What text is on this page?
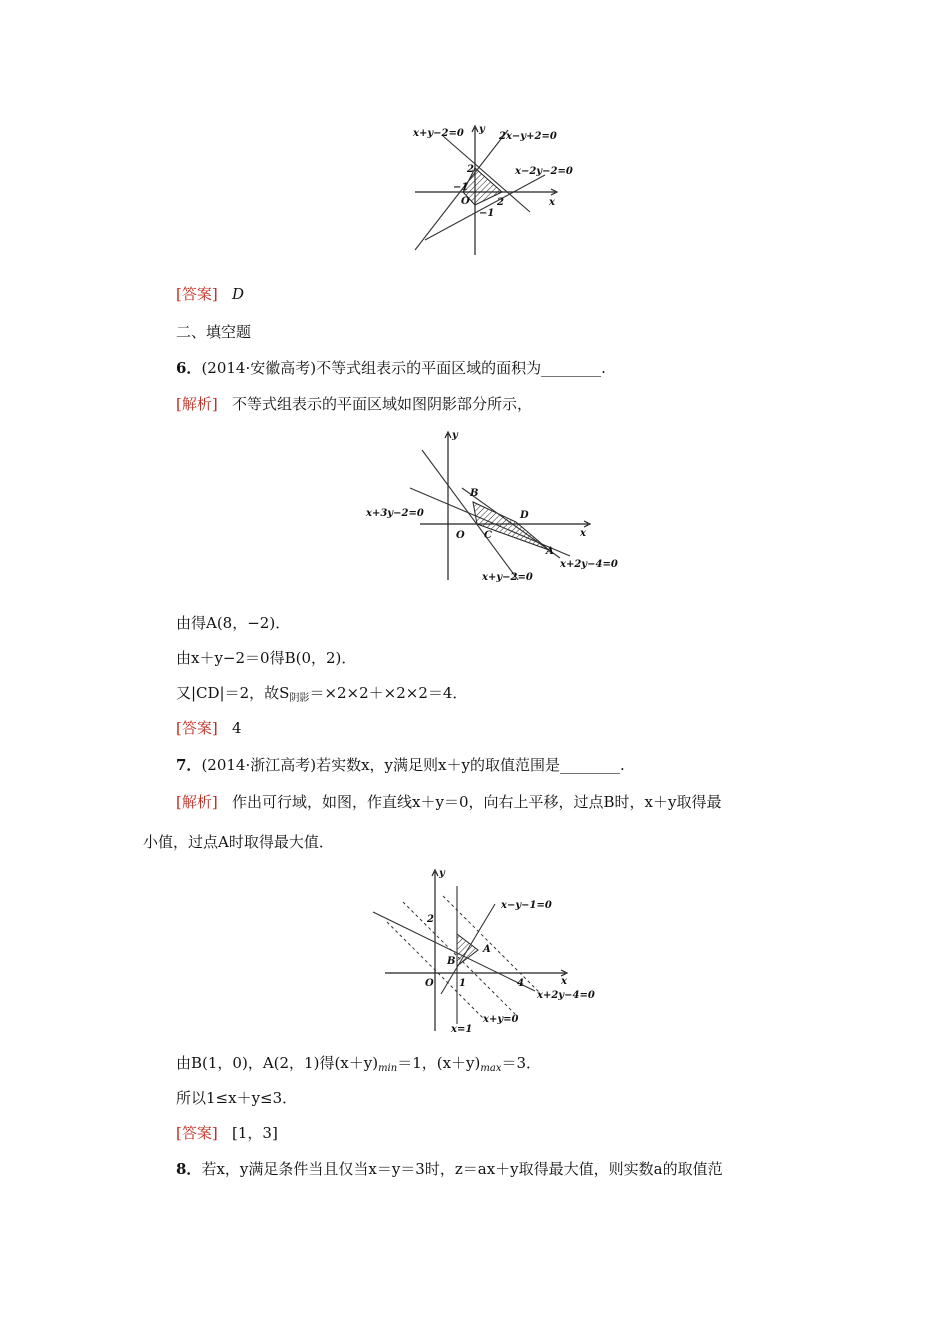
x+y−2=0 y
2x−y+2=0
x−2y−2=0
2
−1
O	2
−1
x
[答案] D
二、填空题
6．(2014·安徽高考)不等式组表示的平面区域的面积为________.
[解析] 不等式组表示的平面区域如图阴影部分所示，
y
B
D
x+3y−2=0
x
O C
A
x+2y−4=0
x+y−2=0
由得A(8，−2)．
由x＋y−2＝0得B(0，2)．
又|CD|＝2，故$S_{阴影}=\times 2\times 2+\times 2\times 2=4$．
[答案] 4
7．(2014·浙江高考)若实数x，y满足则x＋y的取值范围是________.
[解析] 作出可行域，如图，作直线x＋y＝0，向右上平移，过点B时，x＋y取得最
小值，过点A时取得最大值．
y
x−y−1=0
2
A
B
x
O	1	4
x+2y−4=0
x=1
x+y=0
由B(1，0)，A(2，1)得$(x+y)_{min}=1$，$(x+y)_{max}=3$．
所以1≤x＋y≤3．
[答案] [1，3]
8．若x，y满足条件当且仅当x＝y＝3时，z＝ax＋y取得最大值，则实数a的取值范
